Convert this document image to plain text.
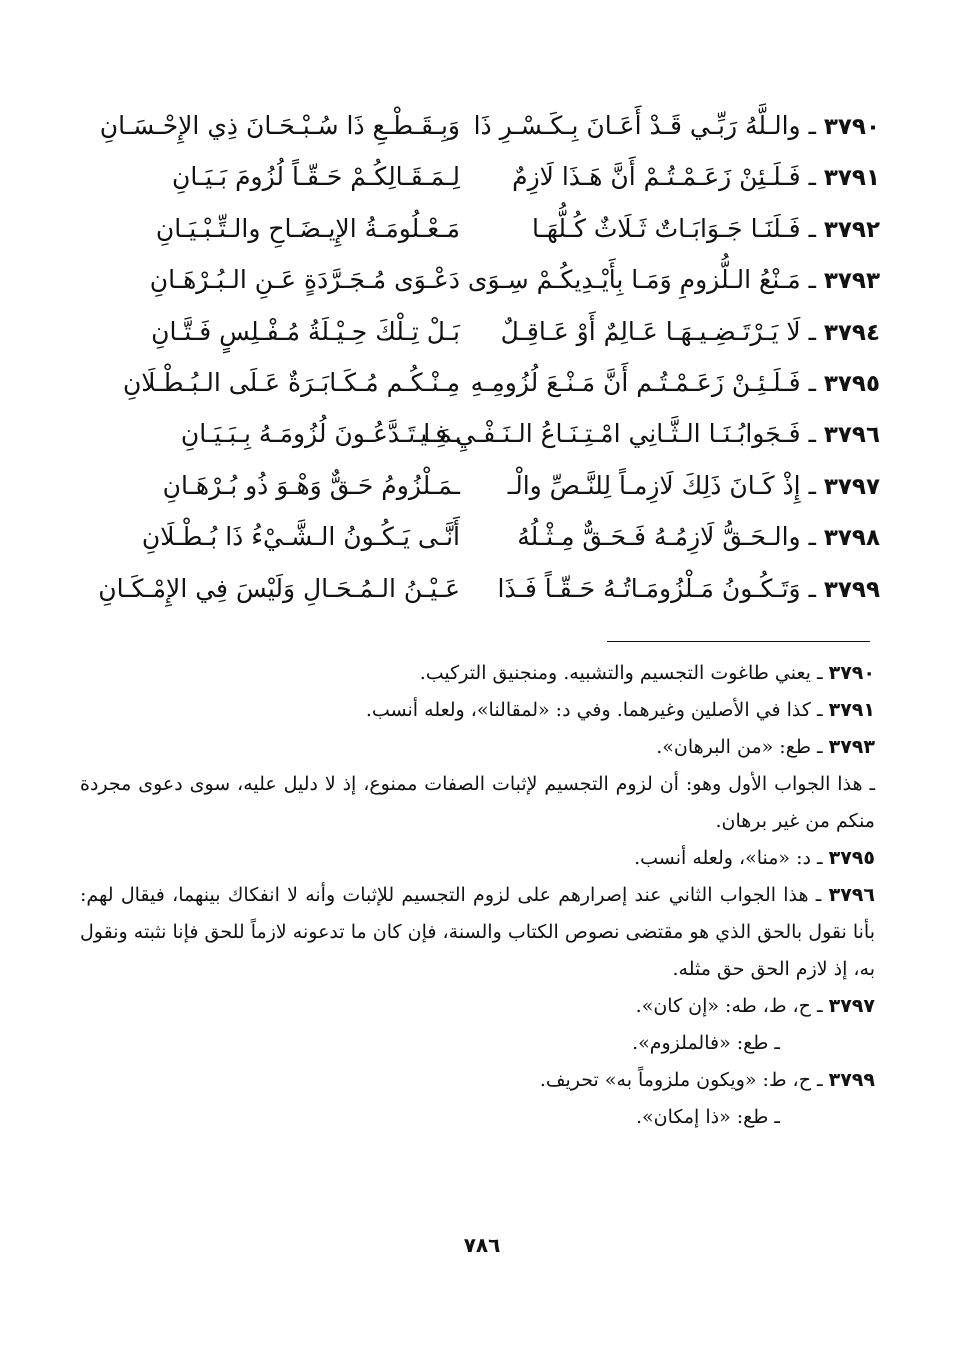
٣٧٩٠ ـ والـلَّهُ رَبِّـي قَـدْ أَعَـانَ بِـكَـسْـرِ ذَا
وَبِـقَـطْـعِ ذَا سُـبْـحَـانَ ذِي الإِحْـسَـانِ
٣٧٩١ ـ فَـلَـئِنْ زَعَـمْـتُـمْ أَنَّ هَـذَا لَازِمٌ
لِـمَـقَـالِكُـمْ حَـقّـاً لُزُومَ بَـيَـانِ
٣٧٩٢ ـ فَـلَنَـا جَـوَابَـاتٌ ثَـلَاثٌ كُـلُّهَـا
مَـعْـلُومَـةُ الإِيـضَـاحِ والـتِّـبْـيَـانِ
٣٧٩٣ ـ مَـنْعُ الـلُّزومِ وَمَـا بِأَيْـدِيكُـمْ سِـوَى
دَعْـوَى مُـجَـرَّدَةٍ عَـنِ الـبُـرْهَـانِ
٣٧٩٤ ـ لَا يَـرْتَـضِـيـهَـا عَـالِمٌ أَوْ عَـاقِـلٌ
بَـلْ تِـلْكَ حِـيْـلَةُ مُـفْـلِسٍ فَـتَّـانِ
٣٧٩٥ ـ فَـلَـئِـنْ زَعَـمْـتُـم أَنَّ مَـنْـعَ لُزُومِـهِ
مِـنْـكُـم مُـكَـابَـرَةٌ عَـلَى الـبُـطْـلَانِ
٣٧٩٦ ـ فَـجَوابُـنَـا الـثَّـانِي امْـتِـنَـاعُ الـنَـفْـيِ فِـيـ
ـمَـا تَـدَّعُـونَ لُزُومَـهُ بِـبَـيَـانِ
٣٧٩٧ ـ إِذْ كَـانَ ذَلِكَ لَازِمـاً لِلنَّـصِّ والْـ
ـمَـلْزُومُ حَـقٌّ وَهْـوَ ذُو بُـرْهَـانِ
٣٧٩٨ ـ والـحَـقُّ لَازِمُـهُ فَـحَـقٌّ مِـثْـلُهُ
أَنَّـى يَـكُـونُ الـشَّـيْءُ ذَا بُـطْـلَانِ
٣٧٩٩ ـ وَتَـكُـونُ مَـلْزُومَـاتُـهُ حَـقّـاً فَـذَا
عَـيْـنُ الـمُـحَـالِ وَلَيْسَ فِي الإِمْـكَـانِ
٣٧٩٠ ـ يعني طاغوت التجسيم والتشبيه. ومنجنيق التركيب.
٣٧٩١ ـ كذا في الأصلين وغيرهما. وفي د: «لمقالنا»، ولعله أنسب.
٣٧٩٣ ـ طع: «من البرهان».
ـ هذا الجواب الأول وهو: أن لزوم التجسيم لإثبات الصفات ممنوع، إذ لا دليل عليه، سوى دعوى مجردة منكم من غير برهان.
٣٧٩٥ ـ د: «منا»، ولعله أنسب.
٣٧٩٦ ـ هذا الجواب الثاني عند إصرارهم على لزوم التجسيم للإثبات وأنه لا انفكاك بينهما، فيقال لهم: بأنا نقول بالحق الذي هو مقتضى نصوص الكتاب والسنة، فإن كان ما تدعونه لازماً للحق فإنا نثبته ونقول به، إذ لازم الحق حق مثله.
٣٧٩٧ ـ ح، ط، طه: «إن كان».
ـ طع: «فالملزوم».
٣٧٩٩ ـ ح، ط: «ويكون ملزوماً به» تحريف.
ـ طع: «ذا إمكان».
٧٨٦
